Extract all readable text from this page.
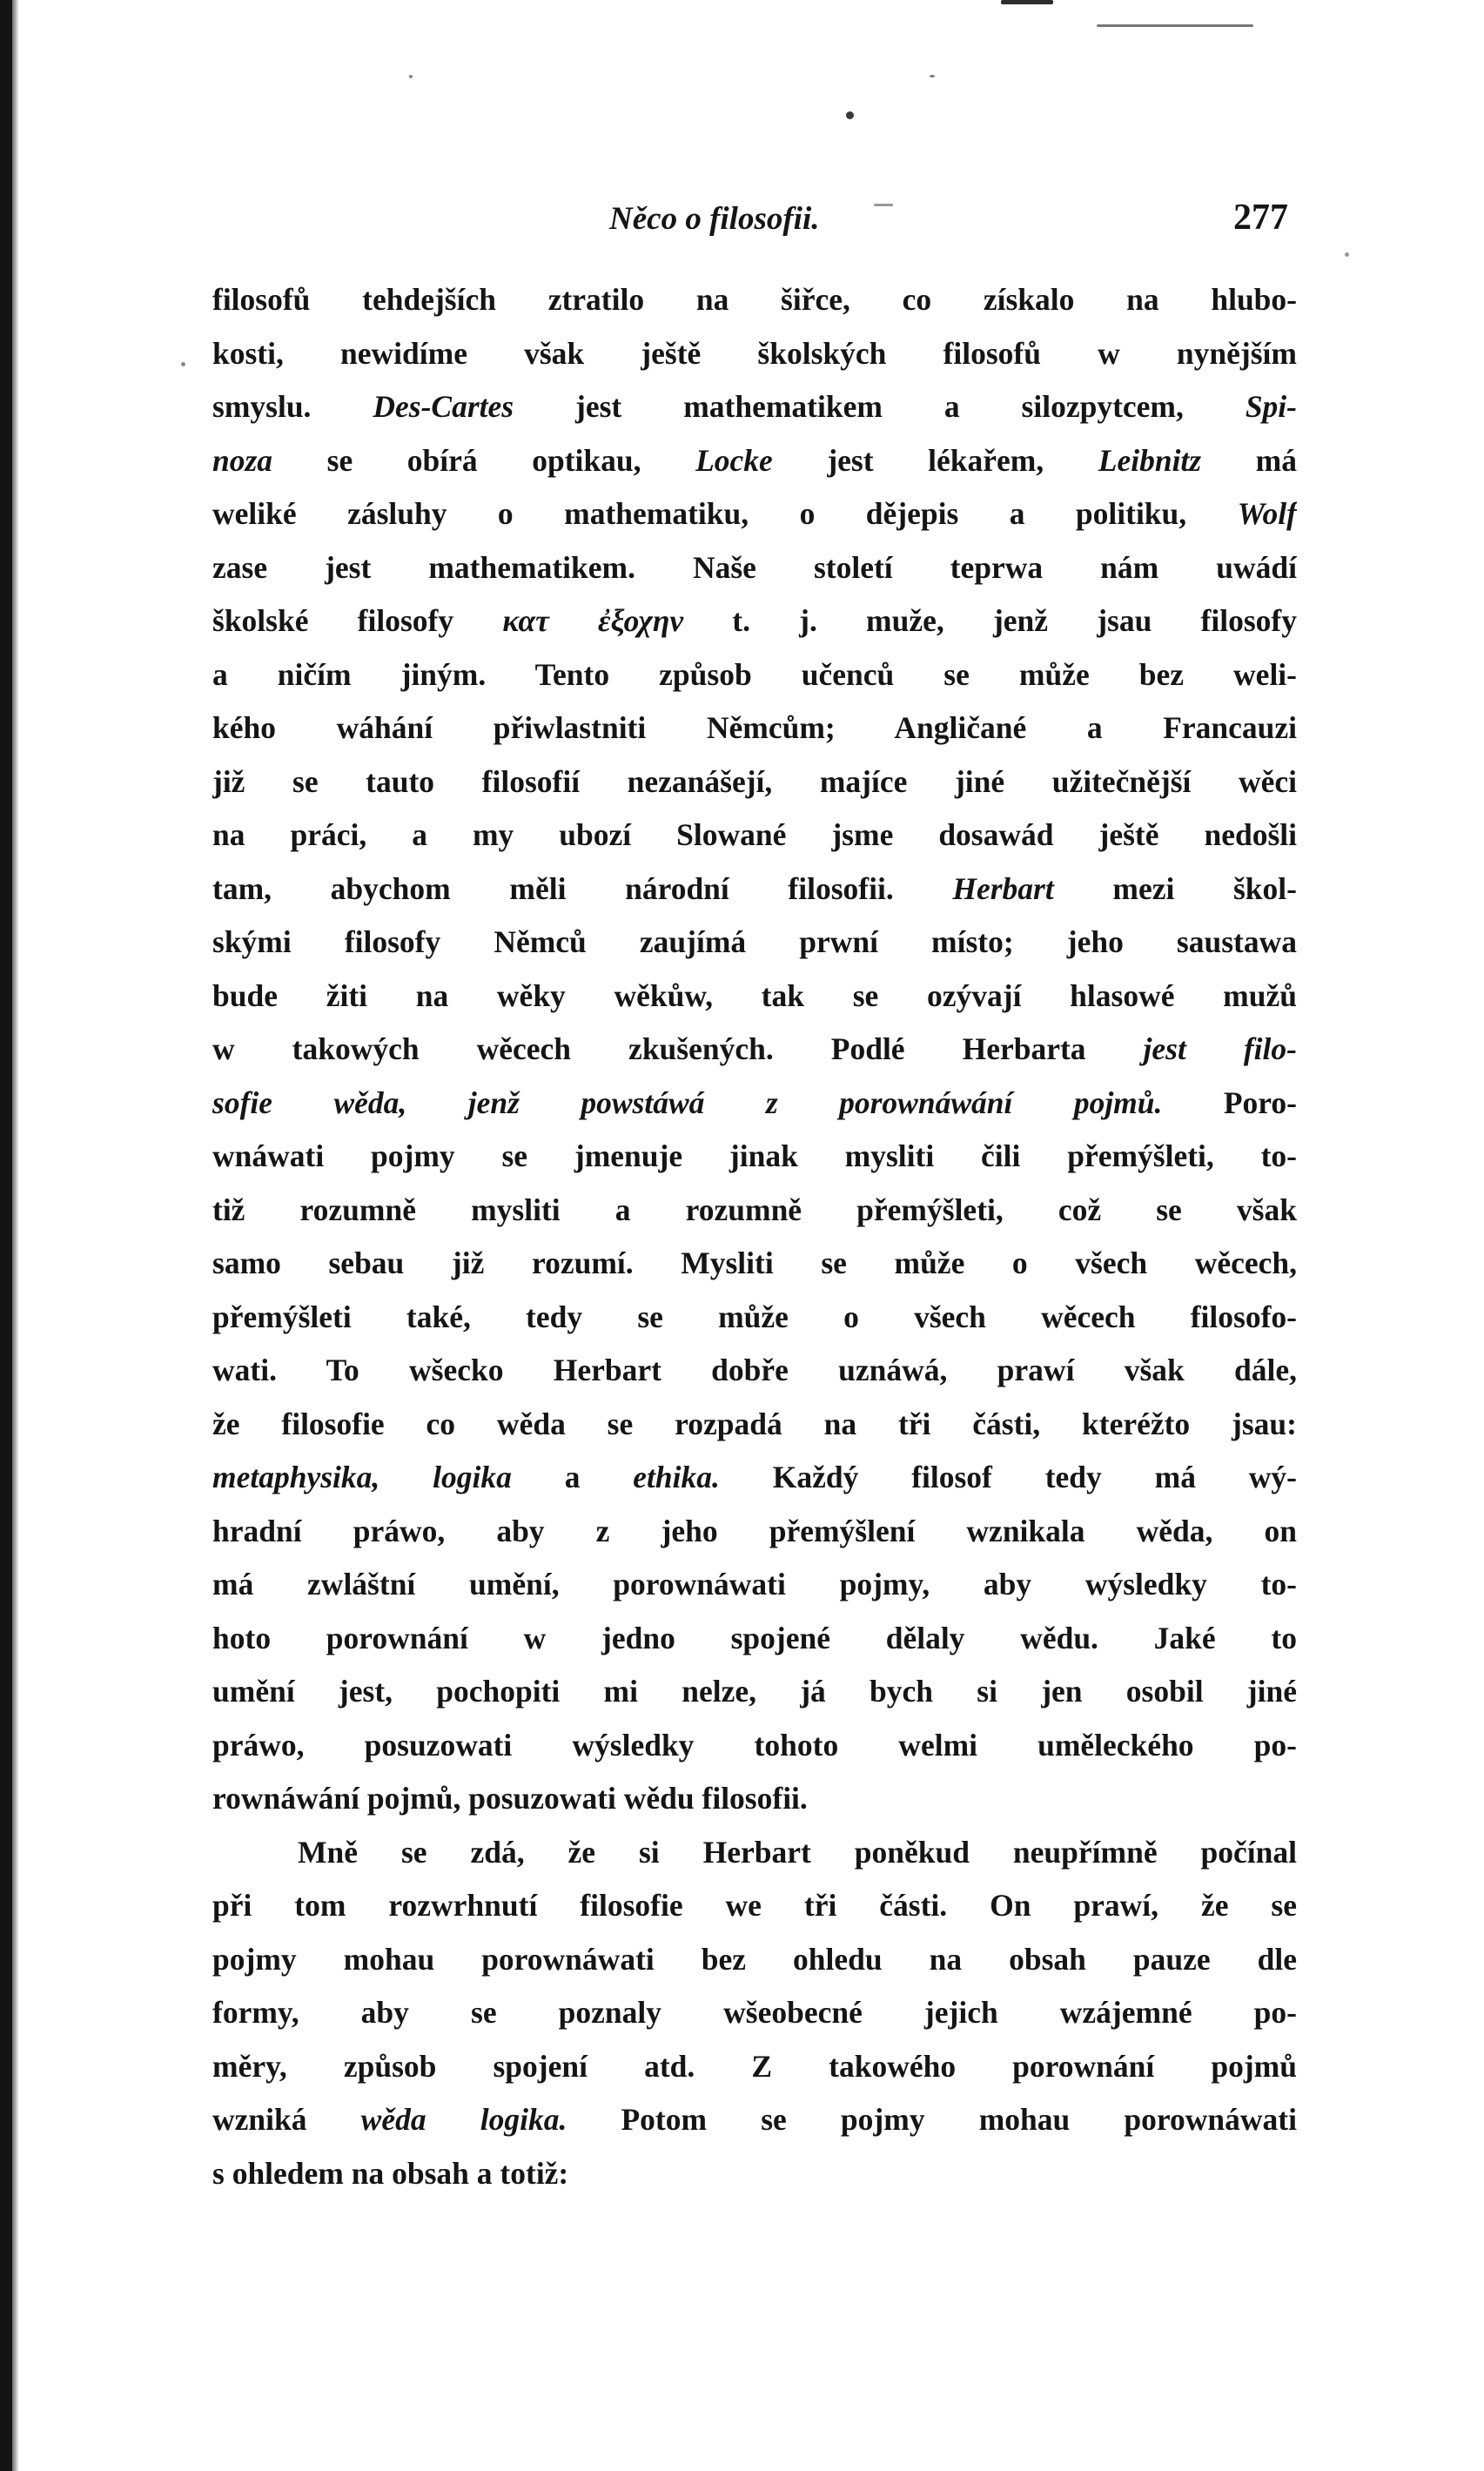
Něco o filosofii.	277
filosofů tehdejších ztratilo na šiřce, co získalo na hlubo-
kosti, newidíme však ještě školských filosofů w nynějším
smyslu. Des-Cartes jest mathematikem a silozpytcem, Spi-
noza se obírá optikau, Locke jest lékařem, Leibnitz má
weliké zásluhy o mathematiku, o dějepis a politiku, Wolf
zase jest mathematikem. Naše století teprwa nám uwádí
školské filosofy κατ ἐξοχην t. j. muže, jenž jsau filosofy
a ničím jiným. Tento způsob učenců se může bez weli-
kého wáhání přiwlastniti Němcům; Angličané a Francauzi
již se tauto filosofií nezanášejí, majíce jiné užitečnější wěci
na práci, a my ubozí Slowané jsme dosawád ještě nedošli
tam, abychom měli národní filosofii. Herbart mezi škol-
skými filosofy Němců zaujímá prwní místo; jeho saustawa
bude žiti na wěky wěkůw, tak se ozývají hlasowé mužů
w takowých wěcech zkušených. Podlé Herbarta jest filo-
sofie wěda, jenž powstáwá z porownáwání pojmů. Poro-
wnáwati pojmy se jmenuje jinak mysliti čili přemýšleti, to-
tiž rozumně mysliti a rozumně přemýšleti, což se však
samo sebau již rozumí. Mysliti se může o všech wěcech,
přemýšleti také, tedy se může o všech wěcech filosofo-
wati. To wšecko Herbart dobře uznáwá, prawí však dále,
že filosofie co wěda se rozpadá na tři části, kteréžto jsau:
metaphysika, logika a ethika. Každý filosof tedy má wý-
hradní práwo, aby z jeho přemýšlení wznikala wěda, on
má zwláštní umění, porownáwati pojmy, aby wýsledky to-
hoto porownání w jedno spojené dělaly wědu. Jaké to
umění jest, pochopiti mi nelze, já bych si jen osobil jiné
práwo, posuzowati wýsledky tohoto welmi uměleckého po-
rownáwání pojmů, posuzowati wědu filosofii.
Mně se zdá, že si Herbart poněkud neupřímně počínal
při tom rozwrhnutí filosofie we tři části. On prawí, že se
pojmy mohau porownáwati bez ohledu na obsah pauze dle
formy, aby se poznaly wšeobecné jejich wzájemné po-
měry, způsob spojení atd. Z takowého porownání pojmů
wzniká wěda logika. Potom se pojmy mohau porownáwati
s ohledem na obsah a totiž:
